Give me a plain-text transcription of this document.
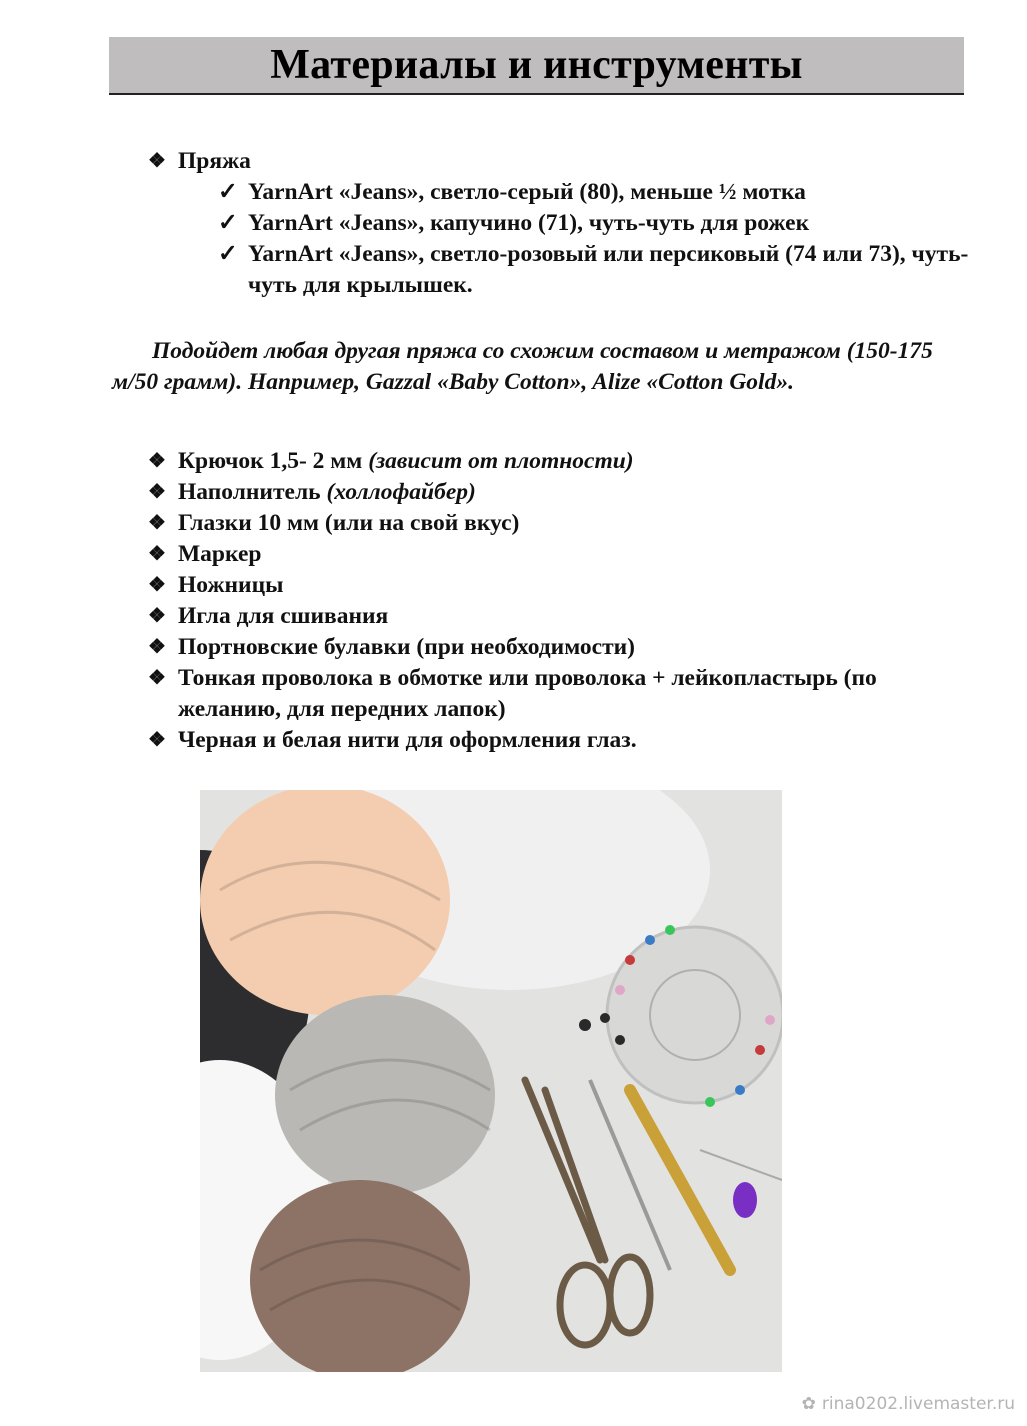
Материалы и инструменты
❖ Пряжа
✓ YarnArt «Jeans», светло-серый (80), меньше ½ мотка
✓ YarnArt «Jeans», капучино (71), чуть-чуть для рожек
✓ YarnArt «Jeans», светло-розовый или персиковый (74 или 73), чуть-чуть для крылышек.

Подойдет любая другая пряжа со схожим составом и метражом (150-175 м/50 грамм). Например, Gazzal «Baby Cotton», Alize «Cotton Gold».

❖ Крючок 1,5- 2 мм (зависит от плотности)
❖ Наполнитель (холлофайбер)
❖ Глазки 10 мм (или на свой вкус)
❖ Маркер
❖ Ножницы
❖ Игла для сшивания
❖ Портновские булавки (при необходимости)
❖ Тонкая проволока в обмотке или проволока + лейкопластырь (по желанию, для передних лапок)
❖ Черная и белая нити для оформления глаз.
✿ rina0202.livemaster.ru
